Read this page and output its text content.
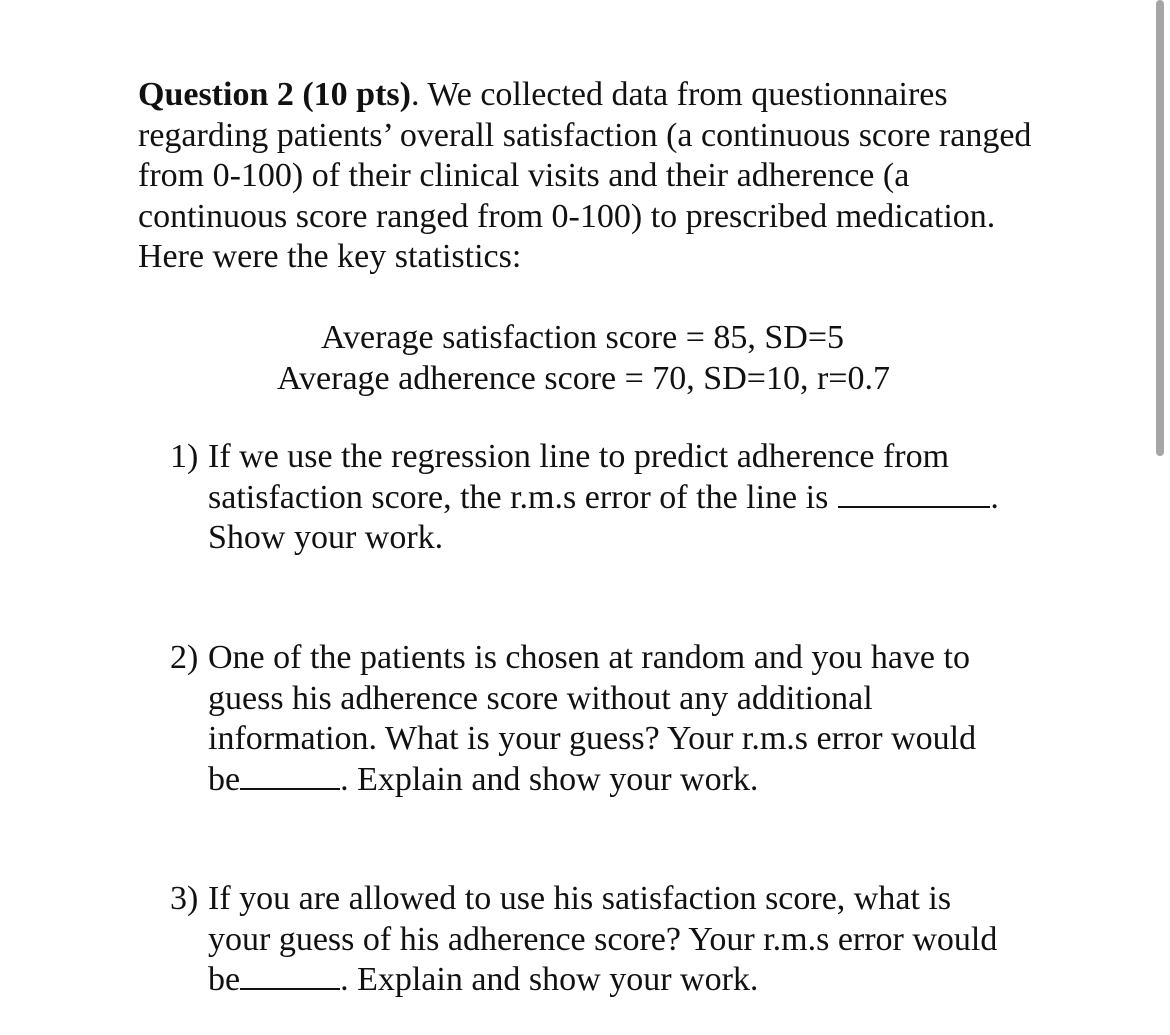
Question 2 (10 pts). We collected data from questionnaires regarding patients’ overall satisfaction (a continuous score ranged from 0-100) of their clinical visits and their adherence (a continuous score ranged from 0-100) to prescribed medication. Here were the key statistics:

Average satisfaction score = 85, SD=5
Average adherence score = 70, SD=10, r=0.7
1) If we use the regression line to predict adherence from satisfaction score, the r.m.s error of the line is	.
Show your work.
2) One of the patients is chosen at random and you have to guess his adherence score without any additional information. What is your guess? Your r.m.s error would be	. Explain and show your work.
3) If you are allowed to use his satisfaction score, what is your guess of his adherence score? Your r.m.s error would be	. Explain and show your work.
